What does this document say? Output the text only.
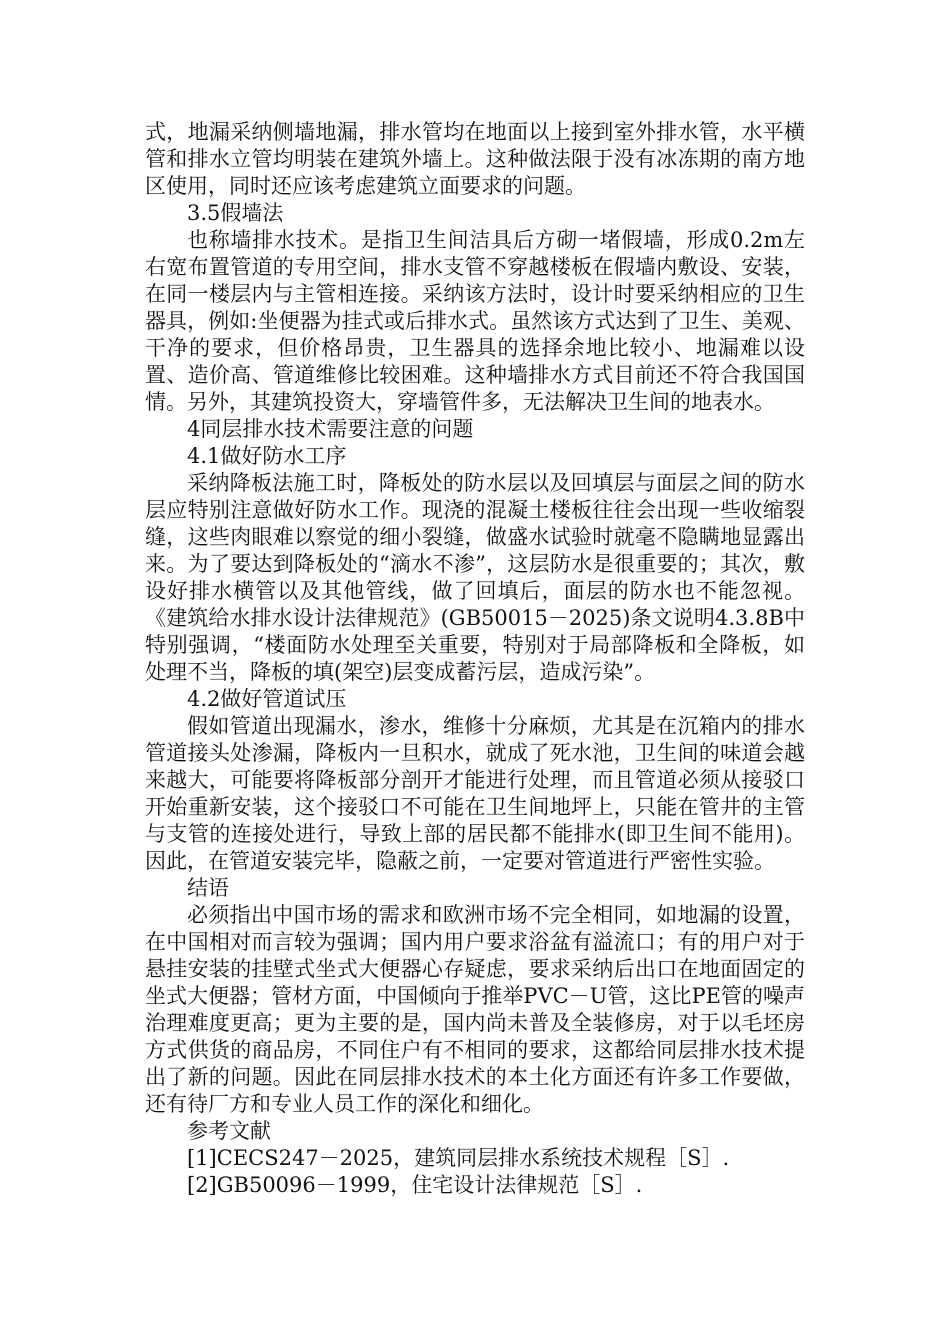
式，地漏采纳侧墙地漏，排水管均在地面以上接到室外排水管，水平横管和排水立管均明装在建筑外墙上。这种做法限于没有冰冻期的南方地区使用，同时还应该考虑建筑立面要求的问题。

3.5假墙法

也称墙排水技术。是指卫生间洁具后方砌一堵假墙，形成0.2m左右宽布置管道的专用空间，排水支管不穿越楼板在假墙内敷设、安装，在同一楼层内与主管相连接。采纳该方法时，设计时要采纳相应的卫生器具，例如:坐便器为挂式或后排水式。虽然该方式达到了卫生、美观、干净的要求，但价格昂贵，卫生器具的选择余地比较小、地漏难以设置、造价高、管道维修比较困难。这种墙排水方式目前还不符合我国国情。另外，其建筑投资大，穿墙管件多，无法解决卫生间的地表水。

4同层排水技术需要注意的问题
4.1做好防水工序

采纳降板法施工时，降板处的防水层以及回填层与面层之间的防水层应特别注意做好防水工作。现浇的混凝土楼板往往会出现一些收缩裂缝，这些肉眼难以察觉的细小裂缝，做盛水试验时就毫不隐瞒地显露出来。为了要达到降板处的“滴水不渗”，这层防水是很重要的；其次，敷设好排水横管以及其他管线，做了回填后，面层的防水也不能忽视。《建筑给水排水设计法律规范》(GB50015－2025)条文说明4.3.8B中特别强调，“楼面防水处理至关重要，特别对于局部降板和全降板，如处理不当，降板的填(架空)层变成蓄污层，造成污染”。

4.2做好管道试压

假如管道出现漏水，渗水，维修十分麻烦，尤其是在沉箱内的排水管道接头处渗漏，降板内一旦积水，就成了死水池，卫生间的味道会越来越大，可能要将降板部分剖开才能进行处理，而且管道必须从接驳口开始重新安装，这个接驳口不可能在卫生间地坪上，只能在管井的主管与支管的连接处进行，导致上部的居民都不能排水(即卫生间不能用)。因此，在管道安装完毕，隐蔽之前，一定要对管道进行严密性实验。

结语

必须指出中国市场的需求和欧洲市场不完全相同，如地漏的设置，在中国相对而言较为强调；国内用户要求浴盆有溢流口；有的用户对于悬挂安装的挂壁式坐式大便器心存疑虑，要求采纳后出口在地面固定的坐式大便器；管材方面，中国倾向于推举PVC－U管，这比PE管的噪声治理难度更高；更为主要的是，国内尚未普及全装修房，对于以毛坯房方式供货的商品房，不同住户有不相同的要求，这都给同层排水技术提出了新的问题。因此在同层排水技术的本土化方面还有许多工作要做，还有待厂方和专业人员工作的深化和细化。

参考文献
[1]CECS247－2025，建筑同层排水系统技术规程［S］.
[2]GB50096－1999，住宅设计法律规范［S］.
